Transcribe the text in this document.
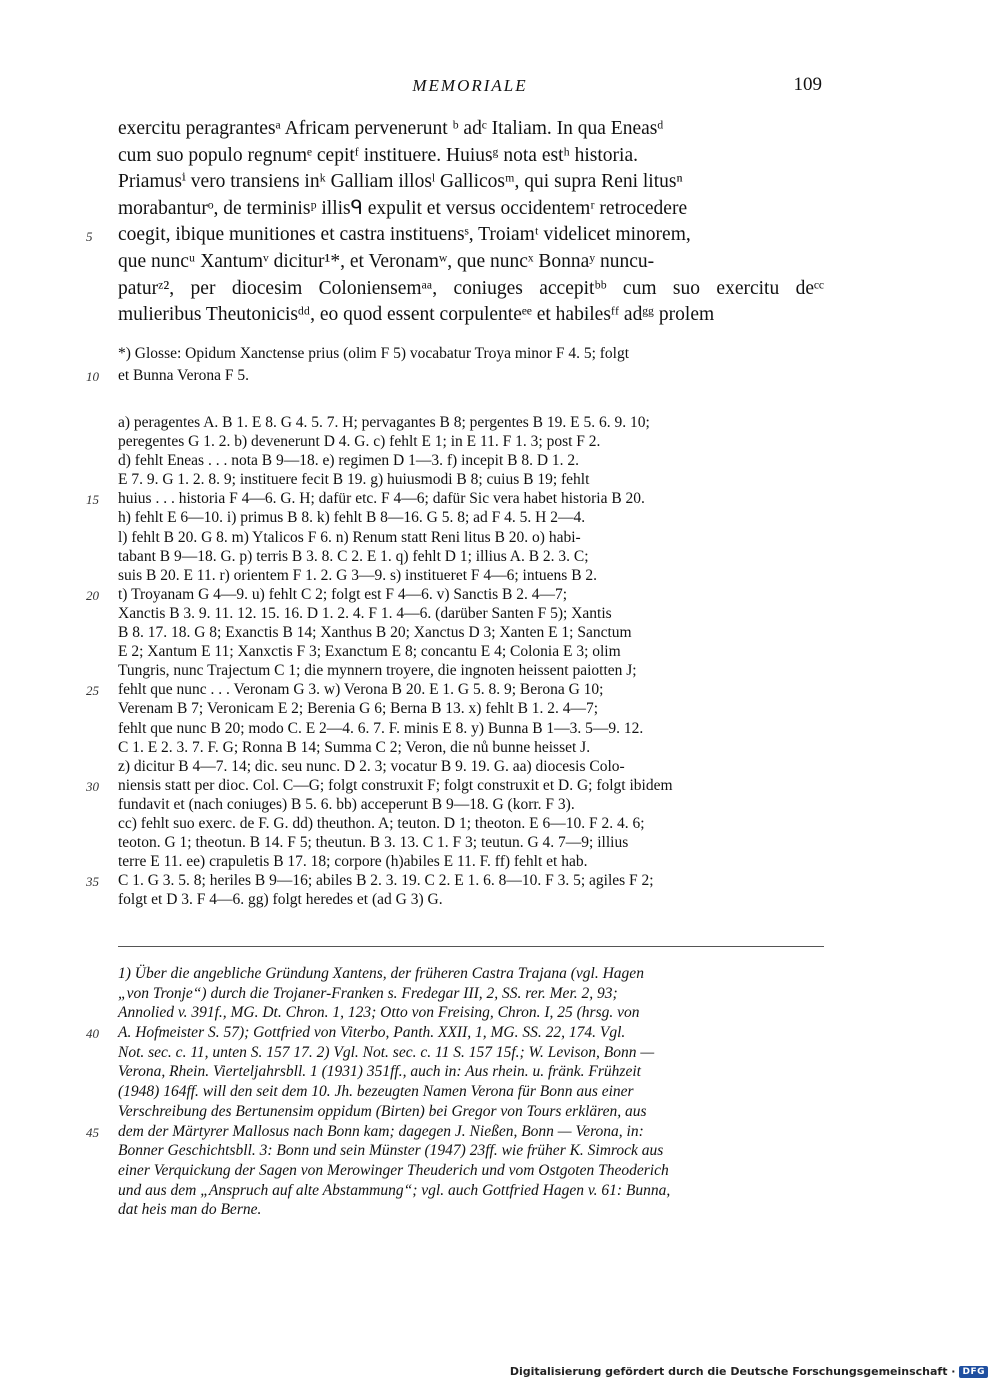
MEMORIALE	109
exercitu peragrantesᵃ Africam pervenerunt ᵇ adᶜ Italiam. In qua Eneasᵈ
cum suo populo regnumᵉ cepitᶠ instituere. Huiusᵍ nota estʰ historia.
Priamusⁱ vero transiens inᵏ Galliam illosˡ Gallicosᵐ, qui supra Reni litusⁿ
morabanturᵒ, de terminisᵖ illisᑫ expulit et versus occidentemʳ retrocedere
5 coegit, ibique munitiones et castra instituensˢ, Troiamᵗ videlicet minorem,
que nuncᵘ Xantumᵛ dicitur¹*, et Veronamʷ, que nuncˣ Bonnaʸ nuncu-
paturᶻ², per diocesim Coloniensemᵃᵃ, coniuges accepitᵇᵇ cum suo exercitu deᶜᶜ
mulieribus Theutonicisᵈᵈ, eo quod essent corpulenteᵉᵉ et habilesᶠᶠ adᵍᵍ prolem
*) Glosse: Opidum Xanctense prius (olim F 5) vocabatur Troya minor F 4. 5; folgt
10 et Bunna Verona F 5.
a) peragentes A. B 1. E 8. G 4. 5. 7. H; pervagantes B 8; pergentes B 19. E 5. 6. 9. 10;
peregentes G 1. 2. b) devenerunt D 4. G. c) fehlt E 1; in E 11. F 1. 3; post F 2.
d) fehlt Eneas . . . nota B 9—18. e) regimen D 1—3. f) incepit B 8. D 1. 2.
E 7. 9. G 1. 2. 8. 9; instituere fecit B 19. g) huiusmodi B 8; cuius B 19; fehlt
15 huius . . . historia F 4—6. G. H; dafür etc. F 4—6; dafür Sic vera habet historia B 20.
h) fehlt E 6—10. i) primus B 8. k) fehlt B 8—16. G 5. 8; ad F 4. 5. H 2—4.
l) fehlt B 20. G 8. m) Ytalicos F 6. n) Renum statt Reni litus B 20. o) habi-
tabant B 9—18. G. p) terris B 3. 8. C 2. E 1. q) fehlt D 1; illius A. B 2. 3. C;
suis B 20. E 11. r) orientem F 1. 2. G 3—9. s) institueret F 4—6; intuens B 2.
20 t) Troyanam G 4—9. u) fehlt C 2; folgt est F 4—6. v) Sanctis B 2. 4—7;
Xanctis B 3. 9. 11. 12. 15. 16. D 1. 2. 4. F 1. 4—6. (darüber Santen F 5); Xantis
B 8. 17. 18. G 8; Exanctis B 14; Xanthus B 20; Xanctus D 3; Xanten E 1; Sanctum
E 2; Xantum E 11; Xanxctis F 3; Exanctum E 8; concantu E 4; Colonia E 3; olim
Tungris, nunc Trajectum C 1; die mynnern troyere, die ingnoten heissent paiotten J;
25 fehlt que nunc . . . Veronam G 3. w) Verona B 20. E 1. G 5. 8. 9; Berona G 10;
Verenam B 7; Veronicam E 2; Berenia G 6; Berna B 13. x) fehlt B 1. 2. 4—7;
fehlt que nunc B 20; modo C. E 2—4. 6. 7. F. minis E 8. y) Bunna B 1—3. 5—9. 12.
C 1. E 2. 3. 7. F. G; Ronna B 14; Summa C 2; Veron, die nů bunne heisset J.
z) dicitur B 4—7. 14; dic. seu nunc. D 2. 3; vocatur B 9. 19. G. aa) diocesis Colo-
30 niensis statt per dioc. Col. C—G; folgt construxit F; folgt construxit et D. G; folgt ibidem
fundavit et (nach coniuges) B 5. 6. bb) acceperunt B 9—18. G (korr. F 3).
cc) fehlt suo exerc. de F. G. dd) theuthon. A; teuton. D 1; theoton. E 6—10. F 2. 4. 6;
teoton. G 1; theotun. B 14. F 5; theutun. B 3. 13. C 1. F 3; teutun. G 4. 7—9; illius
terre E 11. ee) crapuletis B 17. 18; corpore (h)abiles E 11. F. ff) fehlt et hab.
35 C 1. G 3. 5. 8; heriles B 9—16; abiles B 2. 3. 19. C 2. E 1. 6. 8—10. F 3. 5; agiles F 2;
folgt et D 3. F 4—6. gg) folgt heredes et (ad G 3) G.
1) Über die angebliche Gründung Xantens, der früheren Castra Trajana (vgl. Hagen
„von Tronje“) durch die Trojaner-Franken s. Fredegar III, 2, SS. rer. Mer. 2, 93;
Annolied v. 391f., MG. Dt. Chron. 1, 123; Otto von Freising, Chron. I, 25 (hrsg. von
40 A. Hofmeister S. 57); Gottfried von Viterbo, Panth. XXII, 1, MG. SS. 22, 174. Vgl.
Not. sec. c. 11, unten S. 157 17. 2) Vgl. Not. sec. c. 11 S. 157 15f.; W. Levison, Bonn —
Verona, Rhein. Vierteljahrsbll. 1 (1931) 351ff., auch in: Aus rhein. u. fränk. Frühzeit
(1948) 164ff. will den seit dem 10. Jh. bezeugten Namen Verona für Bonn aus einer
Verschreibung des Bertunensim oppidum (Birten) bei Gregor von Tours erklären, aus
45 dem der Märtyrer Mallosus nach Bonn kam; dagegen J. Nießen, Bonn — Verona, in:
Bonner Geschichtsbll. 3: Bonn und sein Münster (1947) 23ff. wie früher K. Simrock aus
einer Verquickung der Sagen von Merowinger Theuderich und vom Ostgoten Theoderich
und aus dem „Anspruch auf alte Abstammung“; vgl. auch Gottfried Hagen v. 61: Bunna,
dat heis man do Berne.
Digitalisierung gefördert durch die Deutsche Forschungsgemeinschaft · DFG
